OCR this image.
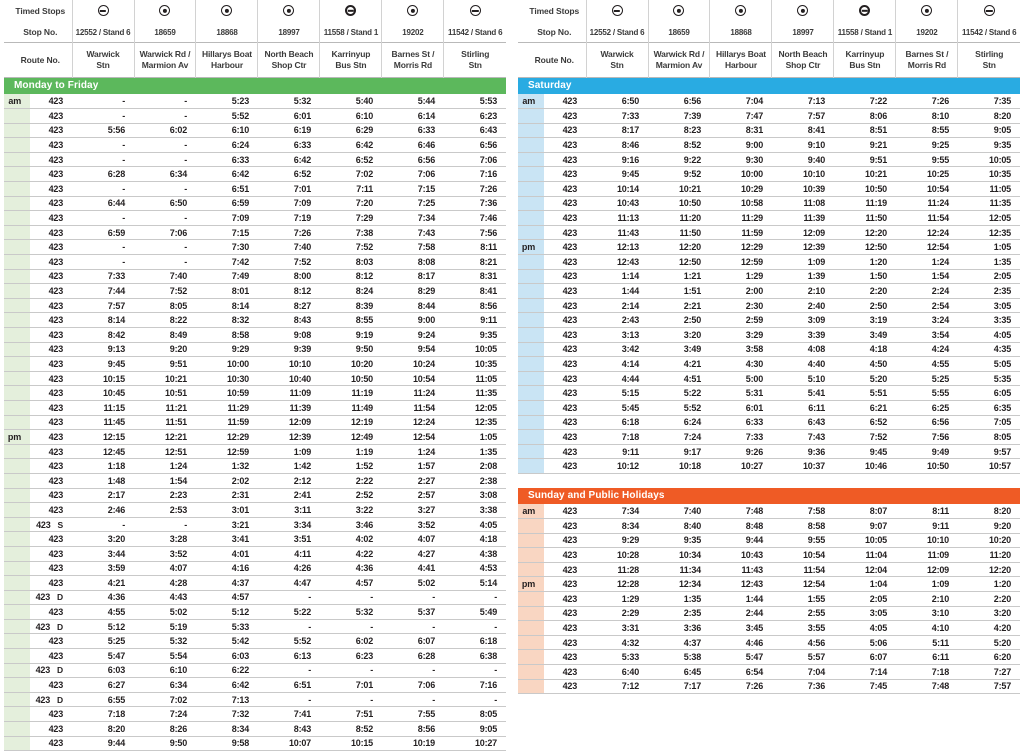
Timed Stops							
Stop No.	12552 / Stand 6	18659	18868	18997	11558 / Stand 1	19202	11542 / Stand 6

Route No.	
Warwick
Stn

Warwick Rd /
Marmion Av

Hillarys Boat
Harbour

North Beach
Shop Ctr

Karrinyup
Bus Stn

Barnes St /
Morris Rd

Stirling
Stn

Monday to Friday
am	423	-	-	5:23	5:32	5:40	5:44	5:53
	423	-	-	5:52	6:01	6:10	6:14	6:23
	423	5:56	6:02	6:10	6:19	6:29	6:33	6:43
	423	-	-	6:24	6:33	6:42	6:46	6:56
	423	-	-	6:33	6:42	6:52	6:56	7:06
	423	6:28	6:34	6:42	6:52	7:02	7:06	7:16
	423	-	-	6:51	7:01	7:11	7:15	7:26
	423	6:44	6:50	6:59	7:09	7:20	7:25	7:36
	423	-	-	7:09	7:19	7:29	7:34	7:46
	423	6:59	7:06	7:15	7:26	7:38	7:43	7:56
	423	-	-	7:30	7:40	7:52	7:58	8:11
	423	-	-	7:42	7:52	8:03	8:08	8:21
	423	7:33	7:40	7:49	8:00	8:12	8:17	8:31
	423	7:44	7:52	8:01	8:12	8:24	8:29	8:41
	423	7:57	8:05	8:14	8:27	8:39	8:44	8:56
	423	8:14	8:22	8:32	8:43	8:55	9:00	9:11
	423	8:42	8:49	8:58	9:08	9:19	9:24	9:35
	423	9:13	9:20	9:29	9:39	9:50	9:54	10:05
	423	9:45	9:51	10:00	10:10	10:20	10:24	10:35
	423	10:15	10:21	10:30	10:40	10:50	10:54	11:05
	423	10:45	10:51	10:59	11:09	11:19	11:24	11:35
	423	11:15	11:21	11:29	11:39	11:49	11:54	12:05
	423	11:45	11:51	11:59	12:09	12:19	12:24	12:35
pm	423	12:15	12:21	12:29	12:39	12:49	12:54	1:05
	423	12:45	12:51	12:59	1:09	1:19	1:24	1:35
	423	1:18	1:24	1:32	1:42	1:52	1:57	2:08
	423	1:48	1:54	2:02	2:12	2:22	2:27	2:38
	423	2:17	2:23	2:31	2:41	2:52	2:57	3:08
	423	2:46	2:53	3:01	3:11	3:22	3:27	3:38
	423 S	-	-	3:21	3:34	3:46	3:52	4:05
	423	3:20	3:28	3:41	3:51	4:02	4:07	4:18
	423	3:44	3:52	4:01	4:11	4:22	4:27	4:38
	423	3:59	4:07	4:16	4:26	4:36	4:41	4:53
	423	4:21	4:28	4:37	4:47	4:57	5:02	5:14
	423 D	4:36	4:43	4:57	-	-	-	-
	423	4:55	5:02	5:12	5:22	5:32	5:37	5:49
	423 D	5:12	5:19	5:33	-	-	-	-
	423	5:25	5:32	5:42	5:52	6:02	6:07	6:18
	423	5:47	5:54	6:03	6:13	6:23	6:28	6:38
	423 D	6:03	6:10	6:22	-	-	-	-
	423	6:27	6:34	6:42	6:51	7:01	7:06	7:16
	423 D	6:55	7:02	7:13	-	-	-	-
	423	7:18	7:24	7:32	7:41	7:51	7:55	8:05
	423	8:20	8:26	8:34	8:43	8:52	8:56	9:05
	423	9:44	9:50	9:58	10:07	10:15	10:19	10:27
Timed Stops							
Stop No.	12552 / Stand 6	18659	18868	18997	11558 / Stand 1	19202	11542 / Stand 6

Route No.	
Warwick
Stn

Warwick Rd /
Marmion Av

Hillarys Boat
Harbour

North Beach
Shop Ctr

Karrinyup
Bus Stn

Barnes St /
Morris Rd

Stirling
Stn

Saturday
am	423	6:50	6:56	7:04	7:13	7:22	7:26	7:35
	423	7:33	7:39	7:47	7:57	8:06	8:10	8:20
	423	8:17	8:23	8:31	8:41	8:51	8:55	9:05
	423	8:46	8:52	9:00	9:10	9:21	9:25	9:35
	423	9:16	9:22	9:30	9:40	9:51	9:55	10:05
	423	9:45	9:52	10:00	10:10	10:21	10:25	10:35
	423	10:14	10:21	10:29	10:39	10:50	10:54	11:05
	423	10:43	10:50	10:58	11:08	11:19	11:24	11:35
	423	11:13	11:20	11:29	11:39	11:50	11:54	12:05
	423	11:43	11:50	11:59	12:09	12:20	12:24	12:35
pm	423	12:13	12:20	12:29	12:39	12:50	12:54	1:05
	423	12:43	12:50	12:59	1:09	1:20	1:24	1:35
	423	1:14	1:21	1:29	1:39	1:50	1:54	2:05
	423	1:44	1:51	2:00	2:10	2:20	2:24	2:35
	423	2:14	2:21	2:30	2:40	2:50	2:54	3:05
	423	2:43	2:50	2:59	3:09	3:19	3:24	3:35
	423	3:13	3:20	3:29	3:39	3:49	3:54	4:05
	423	3:42	3:49	3:58	4:08	4:18	4:24	4:35
	423	4:14	4:21	4:30	4:40	4:50	4:55	5:05
	423	4:44	4:51	5:00	5:10	5:20	5:25	5:35
	423	5:15	5:22	5:31	5:41	5:51	5:55	6:05
	423	5:45	5:52	6:01	6:11	6:21	6:25	6:35
	423	6:18	6:24	6:33	6:43	6:52	6:56	7:05
	423	7:18	7:24	7:33	7:43	7:52	7:56	8:05
	423	9:11	9:17	9:26	9:36	9:45	9:49	9:57
	423	10:12	10:18	10:27	10:37	10:46	10:50	10:57
Sunday and Public Holidays
am	423	7:34	7:40	7:48	7:58	8:07	8:11	8:20
	423	8:34	8:40	8:48	8:58	9:07	9:11	9:20
	423	9:29	9:35	9:44	9:55	10:05	10:10	10:20
	423	10:28	10:34	10:43	10:54	11:04	11:09	11:20
	423	11:28	11:34	11:43	11:54	12:04	12:09	12:20
pm	423	12:28	12:34	12:43	12:54	1:04	1:09	1:20
	423	1:29	1:35	1:44	1:55	2:05	2:10	2:20
	423	2:29	2:35	2:44	2:55	3:05	3:10	3:20
	423	3:31	3:36	3:45	3:55	4:05	4:10	4:20
	423	4:32	4:37	4:46	4:56	5:06	5:11	5:20
	423	5:33	5:38	5:47	5:57	6:07	6:11	6:20
	423	6:40	6:45	6:54	7:04	7:14	7:18	7:27
	423	7:12	7:17	7:26	7:36	7:45	7:48	7:57
